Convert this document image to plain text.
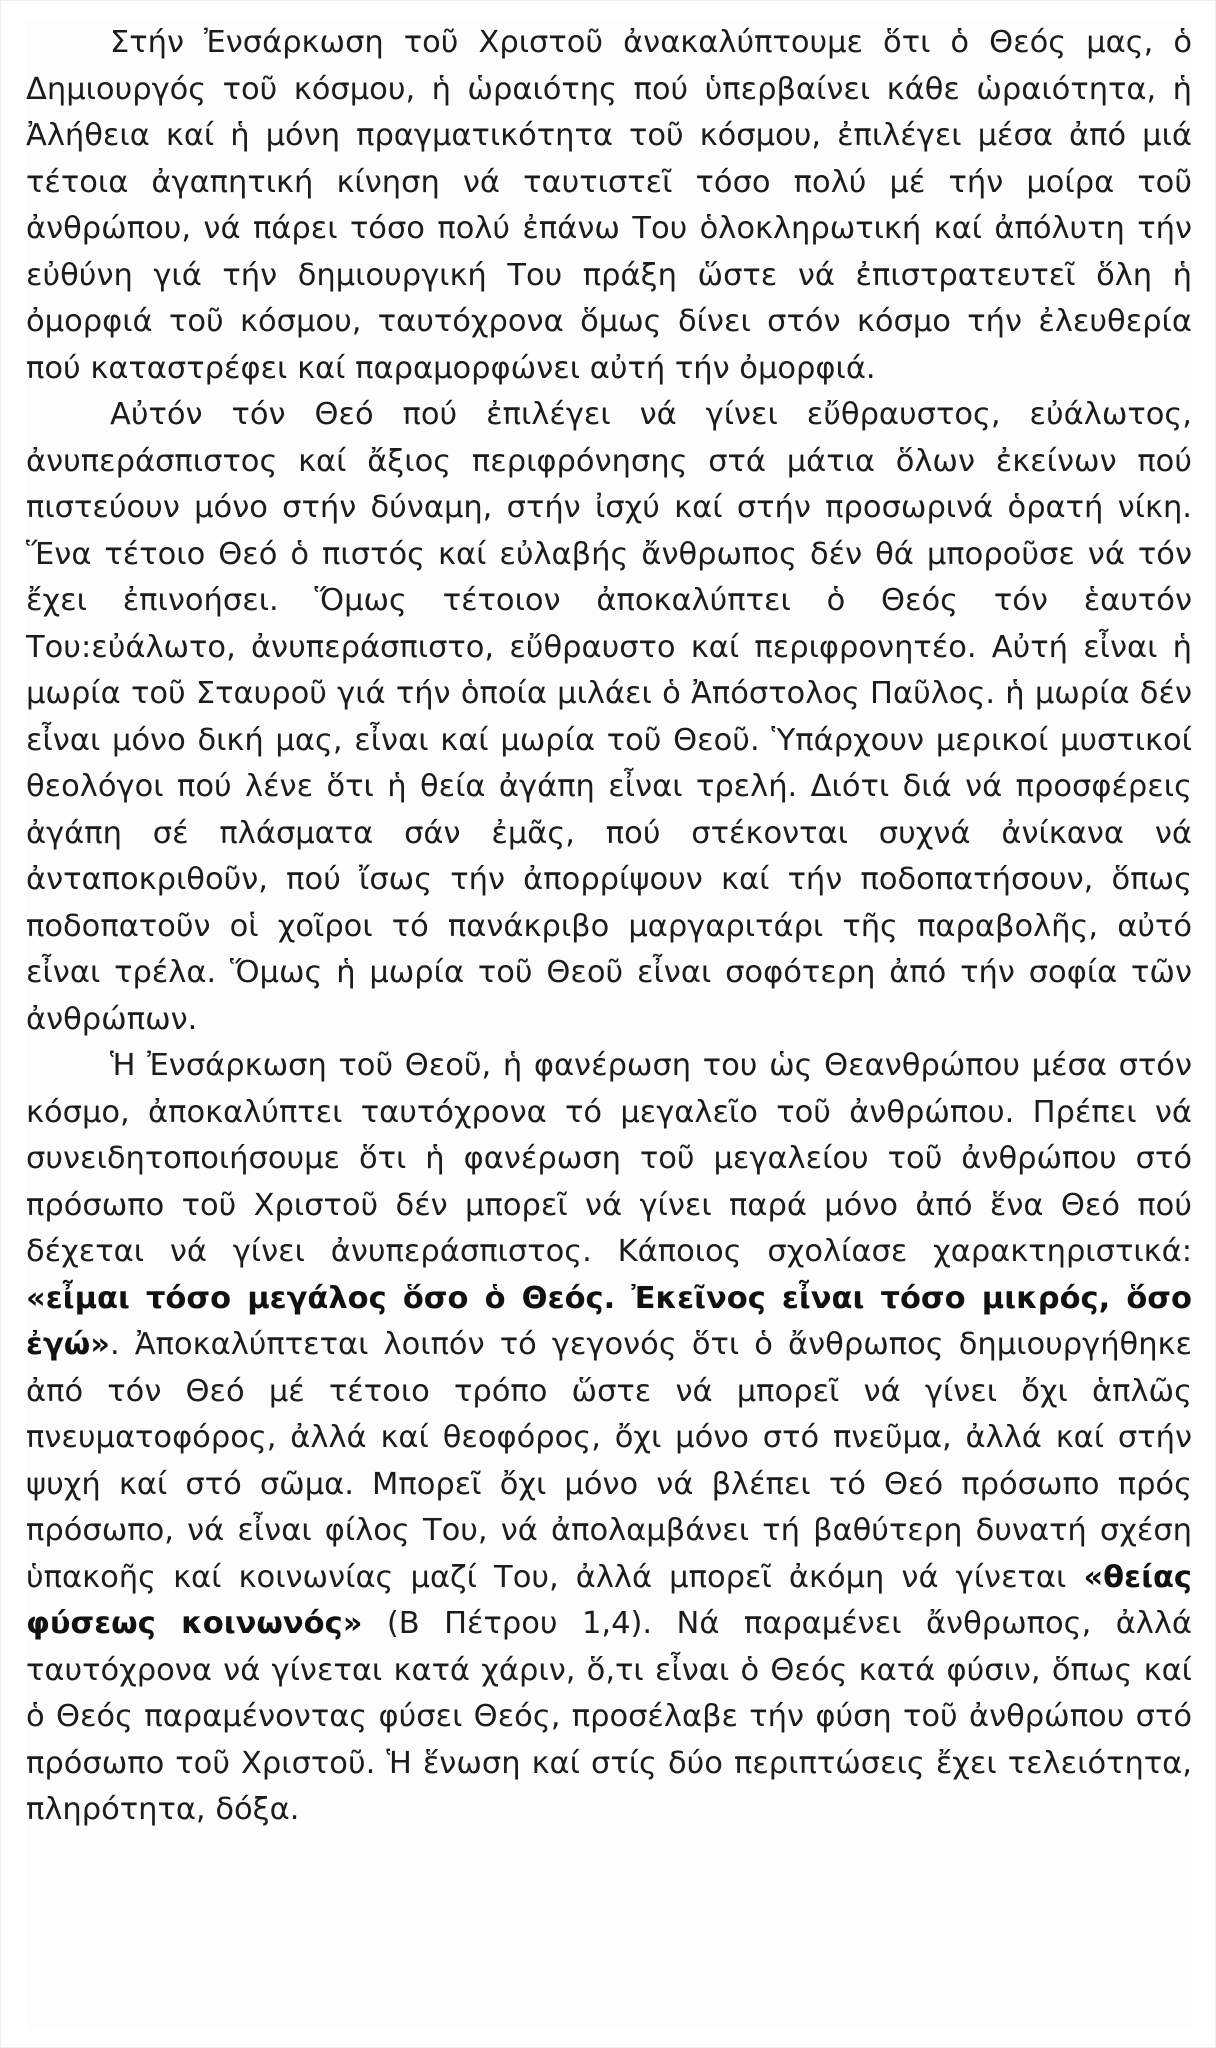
Στήν Ἐνσάρκωση τοῦ Χριστοῦ ἀνακαλύπτουμε ὅτι ὁ Θεός μας, ὁ Δημιουργός τοῦ κόσμου, ἡ ὡραιότης πού ὑπερβαίνει κάθε ὡραιότητα, ἡ Ἀλήθεια καί ἡ μόνη πραγματικότητα τοῦ κόσμου, ἐπιλέγει μέσα ἀπό μιά τέτοια ἀγαπητική κίνηση νά ταυτιστεῖ τόσο πολύ μέ τήν μοίρα τοῦ ἀνθρώπου, νά πάρει τόσο πολύ ἐπάνω Του ὁλοκληρωτική καί ἀπόλυτη τήν εὐθύνη γιά τήν δημιουργική Του πράξη ὥστε νά ἐπιστρατευτεῖ ὅλη ἡ ὀμορφιά τοῦ κόσμου, ταυτόχρονα ὅμως δίνει στόν κόσμο τήν ἐλευθερία πού καταστρέφει καί παραμορφώνει αὐτή τήν ὀμορφιά.

Αὐτόν τόν Θεό πού ἐπιλέγει νά γίνει εὔθραυστος, εὐάλωτος, ἀνυπεράσπιστος καί ἄξιος περιφρόνησης στά μάτια ὅλων ἐκείνων πού πιστεύουν μόνο στήν δύναμη, στήν ἰσχύ καί στήν προσωρινά ὁρατή νίκη. Ἕνα τέτοιο Θεό ὁ πιστός καί εὐλαβής ἄνθρωπος δέν θά μποροῦσε νά τόν ἔχει ἐπινοήσει. Ὅμως τέτοιον ἀποκαλύπτει ὁ Θεός τόν ἑαυτόν Του:εὐάλωτο, ἀνυπεράσπιστο, εὔθραυστο καί περιφρονητέο. Αὐτή εἶναι ἡ μωρία τοῦ Σταυροῦ γιά τήν ὁποία μιλάει ὁ Ἀπόστολος Παῦλος. ἡ μωρία δέν εἶναι μόνο δική μας, εἶναι καί μωρία τοῦ Θεοῦ. Ὑπάρχουν μερικοί μυστικοί θεολόγοι πού λένε ὅτι ἡ θεία ἀγάπη εἶναι τρελή. Διότι διά νά προσφέρεις ἀγάπη σέ πλάσματα σάν ἐμᾶς, πού στέκονται συχνά ἀνίκανα νά ἀνταποκριθοῦν, πού ἴσως τήν ἀπορρίψουν καί τήν ποδοπατήσουν, ὅπως ποδοπατοῦν οἱ χοῖροι τό πανάκριβο μαργαριτάρι τῆς παραβολῆς, αὐτό εἶναι τρέλα. Ὅμως ἡ μωρία τοῦ Θεοῦ εἶναι σοφότερη ἀπό τήν σοφία τῶν ἀνθρώπων.

Ἡ Ἐνσάρκωση τοῦ Θεοῦ, ἡ φανέρωση του ὡς Θεανθρώπου μέσα στόν κόσμο, ἀποκαλύπτει ταυτόχρονα τό μεγαλεῖο τοῦ ἀνθρώπου. Πρέπει νά συνειδητοποιήσουμε ὅτι ἡ φανέρωση τοῦ μεγαλείου τοῦ ἀνθρώπου στό πρόσωπο τοῦ Χριστοῦ δέν μπορεῖ νά γίνει παρά μόνο ἀπό ἕνα Θεό πού δέχεται νά γίνει ἀνυπεράσπιστος. Κάποιος σχολίασε χαρακτηριστικά: «εἶμαι τόσο μεγάλος ὅσο ὁ Θεός. Ἐκεῖνος εἶναι τόσο μικρός, ὅσο ἐγώ». Ἀποκαλύπτεται λοιπόν τό γεγονός ὅτι ὁ ἄνθρωπος δημιουργήθηκε ἀπό τόν Θεό μέ τέτοιο τρόπο ὥστε νά μπορεῖ νά γίνει ὄχι ἁπλῶς πνευματοφόρος, ἀλλά καί θεοφόρος, ὄχι μόνο στό πνεῦμα, ἀλλά καί στήν ψυχή καί στό σῶμα. Μπορεῖ ὄχι μόνο νά βλέπει τό Θεό πρόσωπο πρός πρόσωπο, νά εἶναι φίλος Του, νά ἀπολαμβάνει τή βαθύτερη δυνατή σχέση ὑπακοῆς καί κοινωνίας μαζί Του, ἀλλά μπορεῖ ἀκόμη νά γίνεται «θείας φύσεως κοινωνός» (Β Πέτρου 1,4). Νά παραμένει ἄνθρωπος, ἀλλά ταυτόχρονα νά γίνεται κατά χάριν, ὅ,τι εἶναι ὁ Θεός κατά φύσιν, ὅπως καί ὁ Θεός παραμένοντας φύσει Θεός, προσέλαβε τήν φύση τοῦ ἀνθρώπου στό πρόσωπο τοῦ Χριστοῦ. Ἡ ἕνωση καί στίς δύο περιπτώσεις ἔχει τελειότητα, πληρότητα, δόξα.
